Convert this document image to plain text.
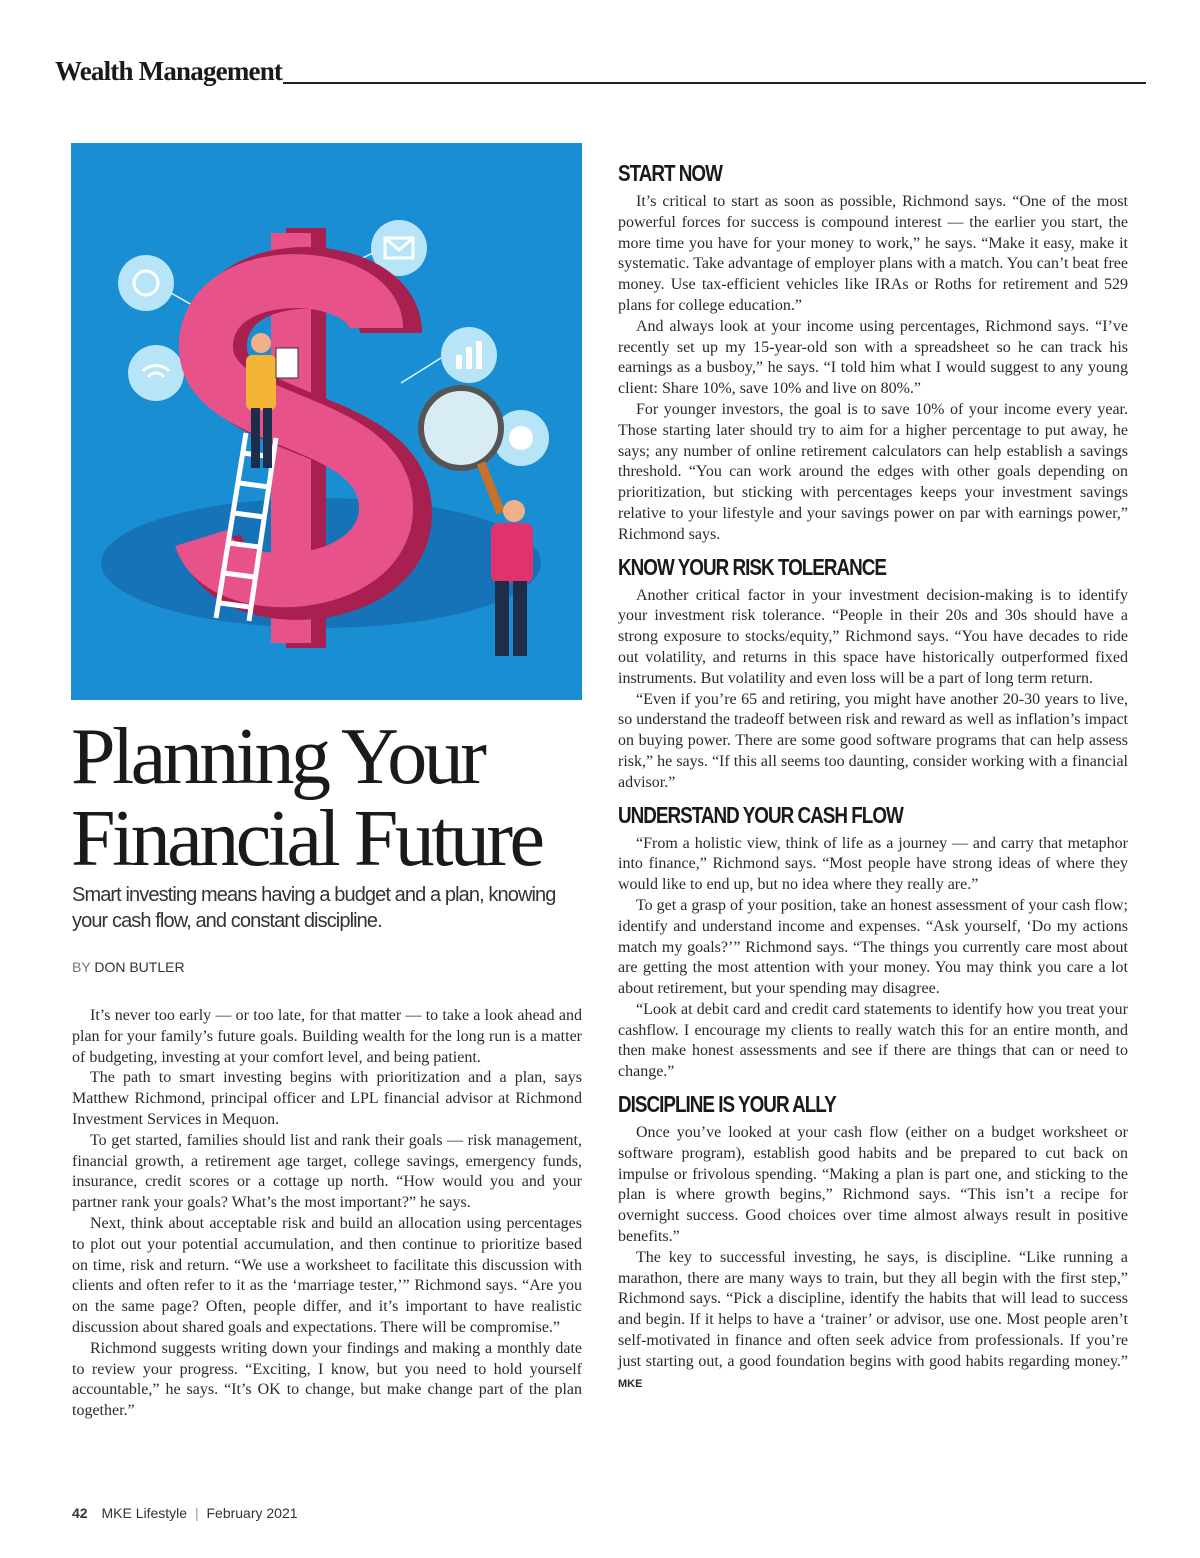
Wealth Management
Planning Your
Financial Future
Smart investing means having a budget and a plan, knowing your cash flow, and constant discipline.
BY DON BUTLER

It’s never too early — or too late, for that matter — to take a look ahead and plan for your family’s future goals. Building wealth for the long run is a matter of budgeting, investing at your comfort level, and being patient.

The path to smart investing begins with prioritization and a plan, says Matthew Richmond, principal officer and LPL financial advisor at Richmond Investment Services in Mequon.

To get started, families should list and rank their goals — risk management, financial growth, a retirement age target, college savings, emergency funds, insurance, credit scores or a cottage up north. “How would you and your partner rank your goals? What’s the most important?” he says.

Next, think about acceptable risk and build an allocation using percentages to plot out your potential accumulation, and then continue to prioritize based on time, risk and return. “We use a worksheet to facilitate this discussion with clients and often refer to it as the ‘marriage tester,’” Richmond says. “Are you on the same page? Often, people differ, and it’s important to have realistic discussion about shared goals and expectations. There will be compromise.”

Richmond suggests writing down your findings and making a monthly date to review your progress. “Exciting, I know, but you need to hold yourself accountable,” he says. “It’s OK to change, but make change part of the plan together.”

START NOW

It’s critical to start as soon as possible, Richmond says. “One of the most powerful forces for success is compound interest — the earlier you start, the more time you have for your money to work,” he says. “Make it easy, make it systematic. Take advantage of employer plans with a match. You can’t beat free money. Use tax-efficient vehicles like IRAs or Roths for retirement and 529 plans for college education.”

And always look at your income using percentages, Richmond says. “I’ve recently set up my 15-year-old son with a spreadsheet so he can track his earnings as a busboy,” he says. “I told him what I would suggest to any young client: Share 10%, save 10% and live on 80%.”

For younger investors, the goal is to save 10% of your income every year. Those starting later should try to aim for a higher percentage to put away, he says; any number of online retirement calculators can help establish a savings threshold. “You can work around the edges with other goals depending on prioritization, but sticking with percentages keeps your investment savings relative to your lifestyle and your savings power on par with earnings power,” Richmond says.

KNOW YOUR RISK TOLERANCE

Another critical factor in your investment decision-making is to identify your investment risk tolerance. “People in their 20s and 30s should have a strong exposure to stocks/equity,” Richmond says. “You have decades to ride out volatility, and returns in this space have historically outperformed fixed instruments. But volatility and even loss will be a part of long term return.

“Even if you’re 65 and retiring, you might have another 20-30 years to live, so understand the tradeoff between risk and reward as well as inflation’s impact on buying power. There are some good software programs that can help assess risk,” he says. “If this all seems too daunting, consider working with a financial advisor.”

UNDERSTAND YOUR CASH FLOW

“From a holistic view, think of life as a journey — and carry that metaphor into finance,” Richmond says. “Most people have strong ideas of where they would like to end up, but no idea where they really are.”

To get a grasp of your position, take an honest assessment of your cash flow; identify and understand income and expenses. “Ask yourself, ‘Do my actions match my goals?’” Richmond says. “The things you currently care most about are getting the most attention with your money. You may think you care a lot about retirement, but your spending may disagree.

“Look at debit card and credit card statements to identify how you treat your cashflow. I encourage my clients to really watch this for an entire month, and then make honest assessments and see if there are things that can or need to change.”

DISCIPLINE IS YOUR ALLY

Once you’ve looked at your cash flow (either on a budget worksheet or software program), establish good habits and be prepared to cut back on impulse or frivolous spending. “Making a plan is part one, and sticking to the plan is where growth begins,” Richmond says. “This isn’t a recipe for overnight success. Good choices over time almost always result in positive benefits.”

The key to successful investing, he says, is discipline. “Like running a marathon, there are many ways to train, but they all begin with the first step,” Richmond says. “Pick a discipline, identify the habits that will lead to success and begin. If it helps to have a ‘trainer’ or advisor, use one. Most people aren’t self-motivated in finance and often seek advice from professionals. If you’re just starting out, a good foundation begins with good habits regarding money.” MKE

42 MKE Lifestyle | February 2021
